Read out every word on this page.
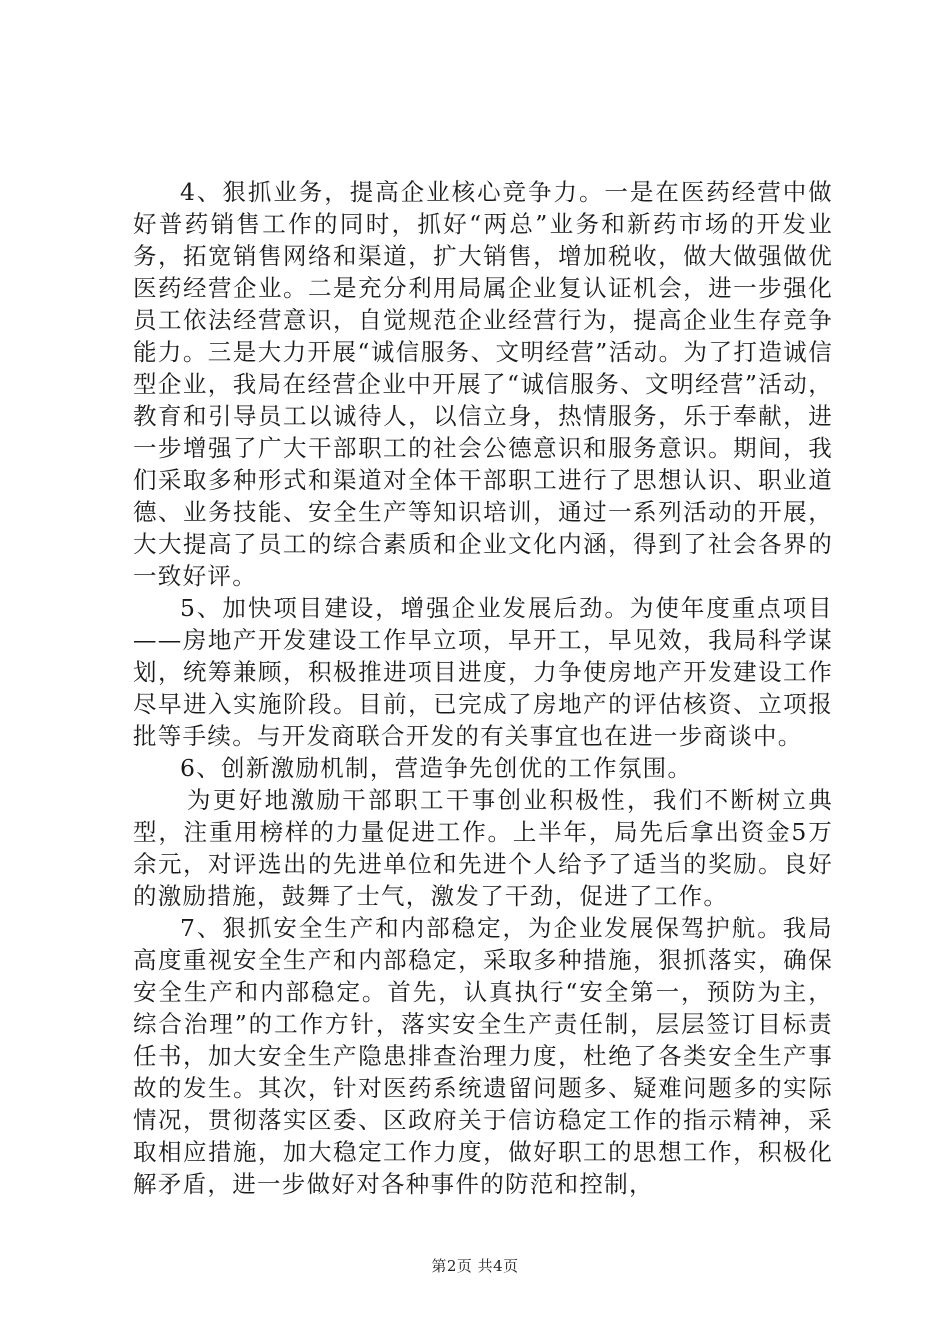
4、狠抓业务，提高企业核心竞争力。一是在医药经营中做好普药销售工作的同时，抓好“两总”业务和新药市场的开发业务，拓宽销售网络和渠道，扩大销售，增加税收，做大做强做优医药经营企业。二是充分利用局属企业复认证机会，进一步强化员工依法经营意识，自觉规范企业经营行为，提高企业生存竞争能力。三是大力开展“诚信服务、文明经营”活动。为了打造诚信型企业，我局在经营企业中开展了“诚信服务、文明经营”活动，教育和引导员工以诚待人，以信立身，热情服务，乐于奉献，进一步增强了广大干部职工的社会公德意识和服务意识。期间，我们采取多种形式和渠道对全体干部职工进行了思想认识、职业道德、业务技能、安全生产等知识培训，通过一系列活动的开展，大大提高了员工的综合素质和企业文化内涵，得到了社会各界的一致好评。

5、加快项目建设，增强企业发展后劲。为使年度重点项目——房地产开发建设工作早立项，早开工，早见效，我局科学谋划，统筹兼顾，积极推进项目进度，力争使房地产开发建设工作尽早进入实施阶段。目前，已完成了房地产的评估核资、立项报批等手续。与开发商联合开发的有关事宜也在进一步商谈中。

6、创新激励机制，营造争先创优的工作氛围。

为更好地激励干部职工干事创业积极性，我们不断树立典型，注重用榜样的力量促进工作。上半年，局先后拿出资金5万余元，对评选出的先进单位和先进个人给予了适当的奖励。良好的激励措施，鼓舞了士气，激发了干劲，促进了工作。

7、狠抓安全生产和内部稳定，为企业发展保驾护航。我局高度重视安全生产和内部稳定，采取多种措施，狠抓落实，确保安全生产和内部稳定。首先，认真执行“安全第一，预防为主，综合治理”的工作方针，落实安全生产责任制，层层签订目标责任书，加大安全生产隐患排查治理力度，杜绝了各类安全生产事故的发生。其次，针对医药系统遗留问题多、疑难问题多的实际情况，贯彻落实区委、区政府关于信访稳定工作的指示精神，采取相应措施，加大稳定工作力度，做好职工的思想工作，积极化解矛盾，进一步做好对各种事件的防范和控制，

第2页 共4页
